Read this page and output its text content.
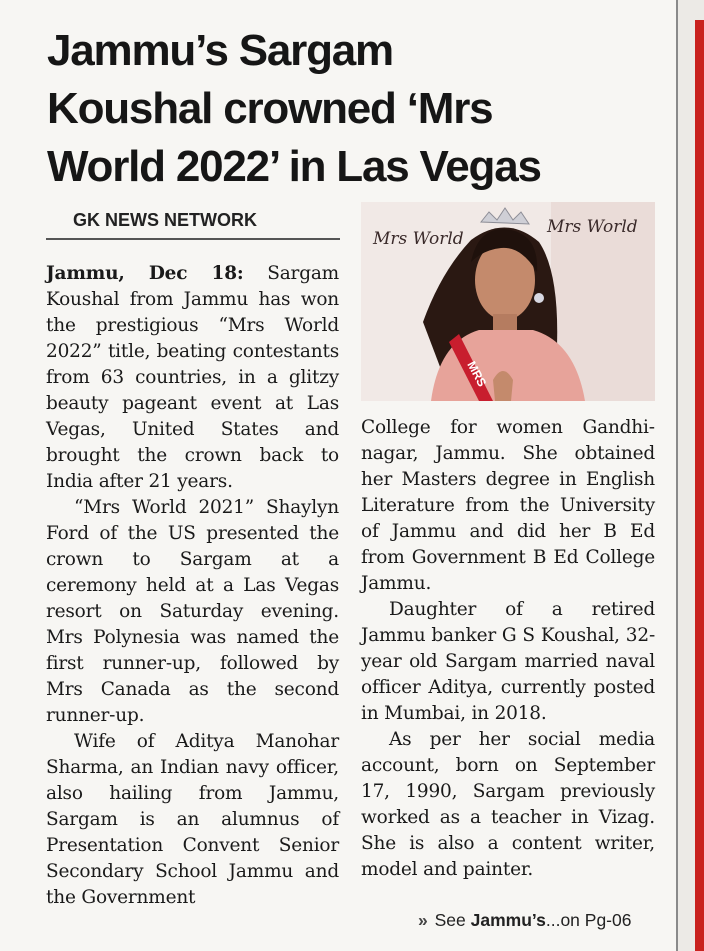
Jammu’s Sargam
Koushal crowned ‘Mrs
World 2022’ in Las Vegas
GK NEWS NETWORK

Jammu, Dec 18: Sargam Koushal from Jammu has won the prestigious “Mrs World 2022” title, beating contestants from 63 countries, in a glitzy beauty pageant event at Las Vegas, United States and brought the crown back to India after 21 years.

“Mrs World 2021” Shaylyn Ford of the US presented the crown to Sargam at a ceremony held at a Las Vegas resort on Saturday evening. Mrs Polynesia was named the first runner-up, followed by Mrs Canada as the second runner-up.

Wife of Aditya Manohar Sharma, an Indian navy officer, also hailing from Jammu, Sargam is an alumnus of Presentation Convent Senior Secondary School Jammu and the Government

Mrs World
Mrs World
MRS

College for women Gandhinagar, Jammu. She obtained her Masters degree in English Literature from the University of Jammu and did her B Ed from Government B Ed College Jammu.

Daughter of a retired Jammu banker G S Koushal, 32-year old Sargam married naval officer Aditya, currently posted in Mumbai, in 2018.

As per her social media account, born on September 17, 1990, Sargam previously worked as a teacher in Vizag. She is also a content writer, model and painter.

» See Jammu’s...on Pg-06
